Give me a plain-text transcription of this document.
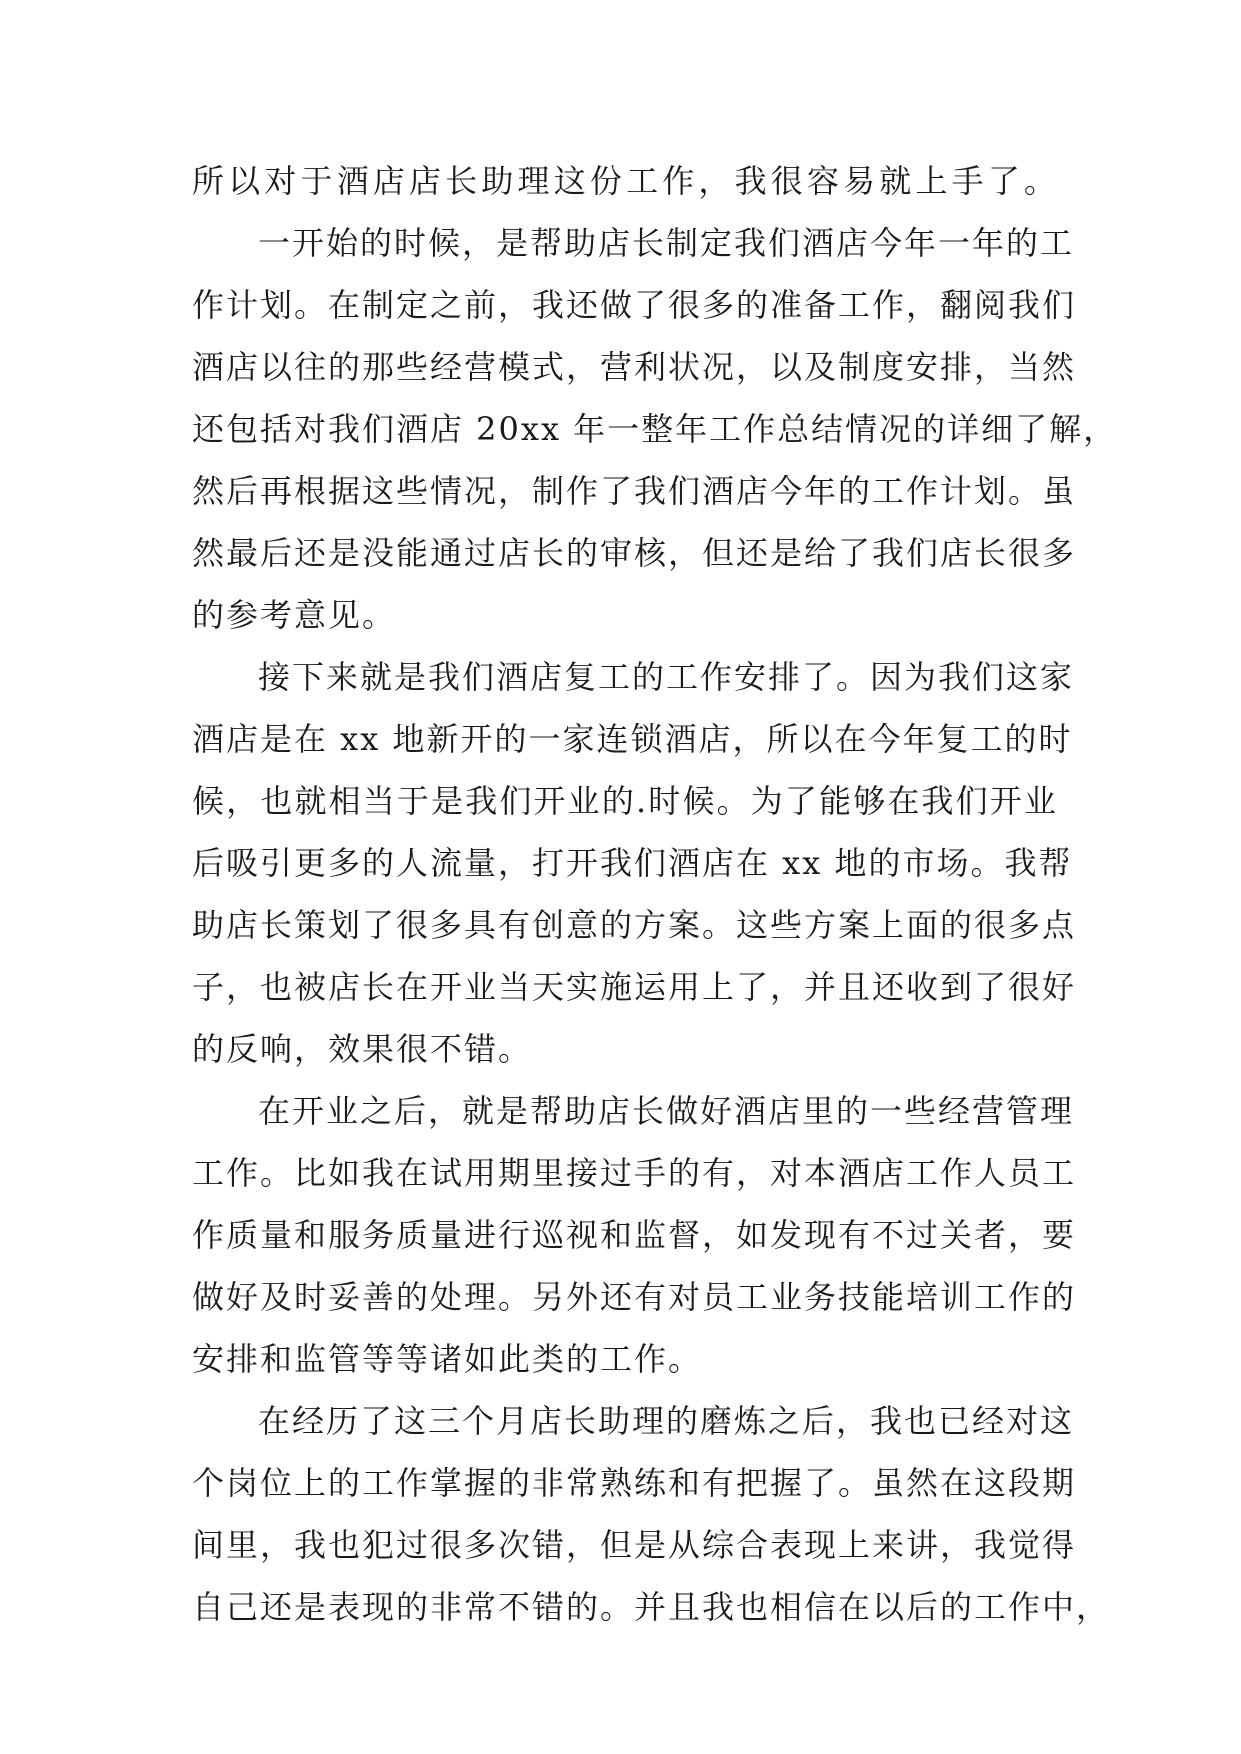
所以对于酒店店长助理这份工作，我很容易就上手了。
一开始的时候，是帮助店长制定我们酒店今年一年的工
作计划。在制定之前，我还做了很多的准备工作，翻阅我们
酒店以往的那些经营模式，营利状况，以及制度安排，当然
还包括对我们酒店 20xx 年一整年工作总结情况的详细了解，
然后再根据这些情况，制作了我们酒店今年的工作计划。虽
然最后还是没能通过店长的审核，但还是给了我们店长很多
的参考意见。
接下来就是我们酒店复工的工作安排了。因为我们这家
酒店是在 xx 地新开的一家连锁酒店，所以在今年复工的时
候，也就相当于是我们开业的.时候。为了能够在我们开业
后吸引更多的人流量，打开我们酒店在 xx 地的市场。我帮
助店长策划了很多具有创意的方案。这些方案上面的很多点
子，也被店长在开业当天实施运用上了，并且还收到了很好
的反响，效果很不错。
在开业之后，就是帮助店长做好酒店里的一些经营管理
工作。比如我在试用期里接过手的有，对本酒店工作人员工
作质量和服务质量进行巡视和监督，如发现有不过关者，要
做好及时妥善的处理。另外还有对员工业务技能培训工作的
安排和监管等等诸如此类的工作。
在经历了这三个月店长助理的磨炼之后，我也已经对这
个岗位上的工作掌握的非常熟练和有把握了。虽然在这段期
间里，我也犯过很多次错，但是从综合表现上来讲，我觉得
自己还是表现的非常不错的。并且我也相信在以后的工作中，
